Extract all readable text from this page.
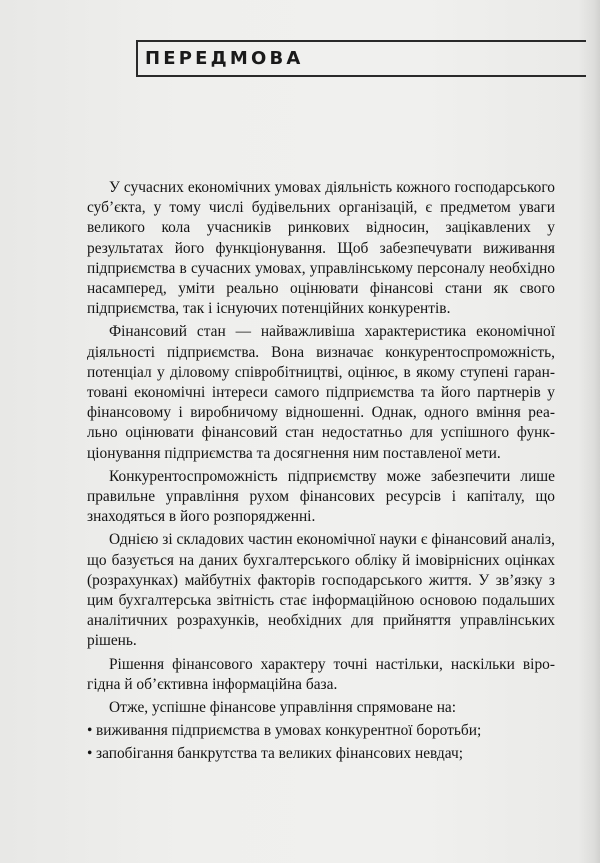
ПЕРЕДМОВА

У сучасних економічних умовах діяльність кожного господарського суб’єкта, у тому числі будівельних організацій, є предметом уваги великого кола учасників ринкових відносин, зацікавлених у результатах його функціонування. Щоб забезпечувати виживання підприємства в сучасних умовах, управлінському персоналу необхідно насамперед, уміти реально оцінювати фінансові стани як свого підприємства, так і існуючих потенційних конкурентів.

Фінансовий стан — найважливіша характеристика економічної діяльності підприємства. Вона визначає конкурентоспроможність, потенціал у діловому співробітництві, оцінює, в якому ступені гарантовані економічні інтереси самого підприємства та його партнерів у фінансовому і виробничому відношенні. Однак, одного вміння реально оцінювати фінансовий стан недостатньо для успішного функціонування підприємства та досягнення ним поставленої мети.

Конкурентоспроможність підприємству може забезпечити лише правильне управління рухом фінансових ресурсів і капіталу, що знаходяться в його розпорядженні.

Однією зі складових частин економічної науки є фінансовий аналіз, що базується на даних бухгалтерського обліку й імовірнісних оцінках (розрахунках) майбутніх факторів господарського життя. У зв’язку з цим бухгалтерська звітність стає інформаційною основою подальших аналітичних розрахунків, необхідних для прийняття управлінських рішень.

Рішення фінансового характеру точні настільки, наскільки вірогідна й об’єктивна інформаційна база.

Отже, успішне фінансове управління спрямоване на:

• виживання підприємства в умовах конкурентної боротьби;
• запобігання банкрутства та великих фінансових невдач;
